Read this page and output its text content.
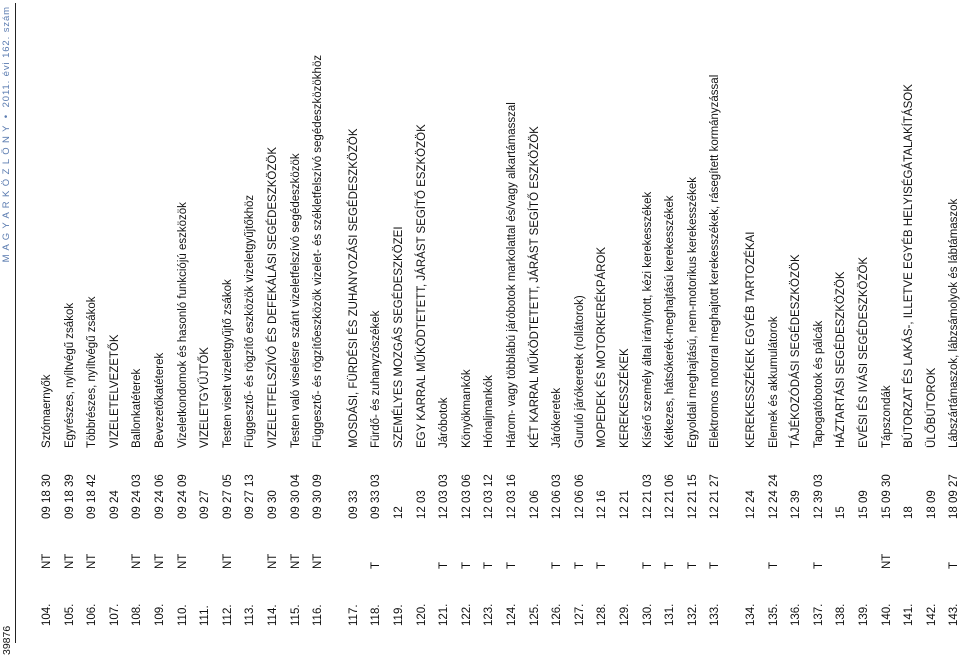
39876
M A G Y A R K Ö Z L Ö N Y • 2011. évi 162. szám
104.
NT
09 18 30
Sztómaernyők
105.
NT
09 18 39
Egyrészes, nyíltvégű zsákok
106.
NT
09 18 42
Többrészes, nyíltvégű zsákok
107.
09 24
VIZELETELVEZETŐK
108.
NT
09 24 03
Ballonkatéterek
109.
NT
09 24 06
Bevezetőkatéterek
110.
NT
09 24 09
Vizeletkondomok és hasonló funkciójú eszközök
111.
09 27
VIZELETGYŰJTŐK
112.
NT
09 27 05
Testen viselt vizeletgyűjtő zsákok
113.
09 27 13
Függesztő- és rögzítő eszközök vizeletgyűjtőkhöz
114.
NT
09 30
VIZELETFELSZÍVÓ ÉS DEFEKÁLÁSI SEGÉDESZKÖZÖK
115.
NT
09 30 04
Testen való viselésre szánt vizeletfelszívó segédeszközök
116.
NT
09 30 09
Függesztő- és rögzítőeszközök vizelet- és székletfelszívó segédeszközökhöz
117.
09 33
MOSDÁSI, FÜRDÉSI ÉS ZUHANYOZÁSI SEGÉDESZKÖZÖK
118.
T
09 33 03
Fürdő- és zuhanyzószékek
119.
12
SZEMÉLYES MOZGÁS SEGÉDESZKÖZEI
120.
12 03
EGY KARRAL MŰKÖDTETETT, JÁRÁST SEGÍTŐ ESZKÖZÖK
121.
T
12 03 03
Járóbotok
122.
T
12 03 06
Könyökmankók
123.
T
12 03 12
Hónaljmankók
124.
T
12 03 16
Három- vagy többlábú járóbotok markolattal és/vagy alkartámasszal
125.
12 06
KÉT KARRAL MŰKÖDTETETT, JÁRÁST SEGÍTŐ ESZKÖZÖK
126.
T
12 06 03
Járókeretek
127.
T
12 06 06
Guruló járókeretek (rollátorok)
128.
T
12 16
MOPEDEK ÉS MOTORKERÉKPÁROK
129.
12 21
KEREKESSZÉKEK
130.
T
12 21 03
Kísérő személy által irányított, kézi kerekesszékek
131.
T
12 21 06
Kétkezes, hátsókerék-meghajtású kerekesszékek
132.
T
12 21 15
Egyoldali meghajtású, nem-motorikus kerekesszékek
133.
T
12 21 27
Elektromos motorral meghajtott kerekesszékek, rásegített kormányzással
134.
12 24
KEREKESSZÉKEK EGYÉB TARTOZÉKAI
135.
T
12 24 24
Elemek és akkumulátorok
136.
12 39
TÁJÉKOZÓDÁSI SEGÉDESZKÖZÖK
137.
T
12 39 03
Tapogatóbotok és pálcák
138.
15
HÁZTARTÁSI SEGÉDESZKÖZÖK
139.
15 09
EVÉSI ÉS IVÁSI SEGÉDESZKÖZÖK
140.
NT
15 09 30
Tápszondák
141.
18
BÚTORZAT ÉS LAKÁS-, ILLETVE EGYÉB HELYISÉGÁTALAKÍTÁSOK
142.
18 09
ÜLŐBÚTOROK
143.
T
18 09 27
Lábszártámaszok, lábzsámolyok és lábtámaszok
